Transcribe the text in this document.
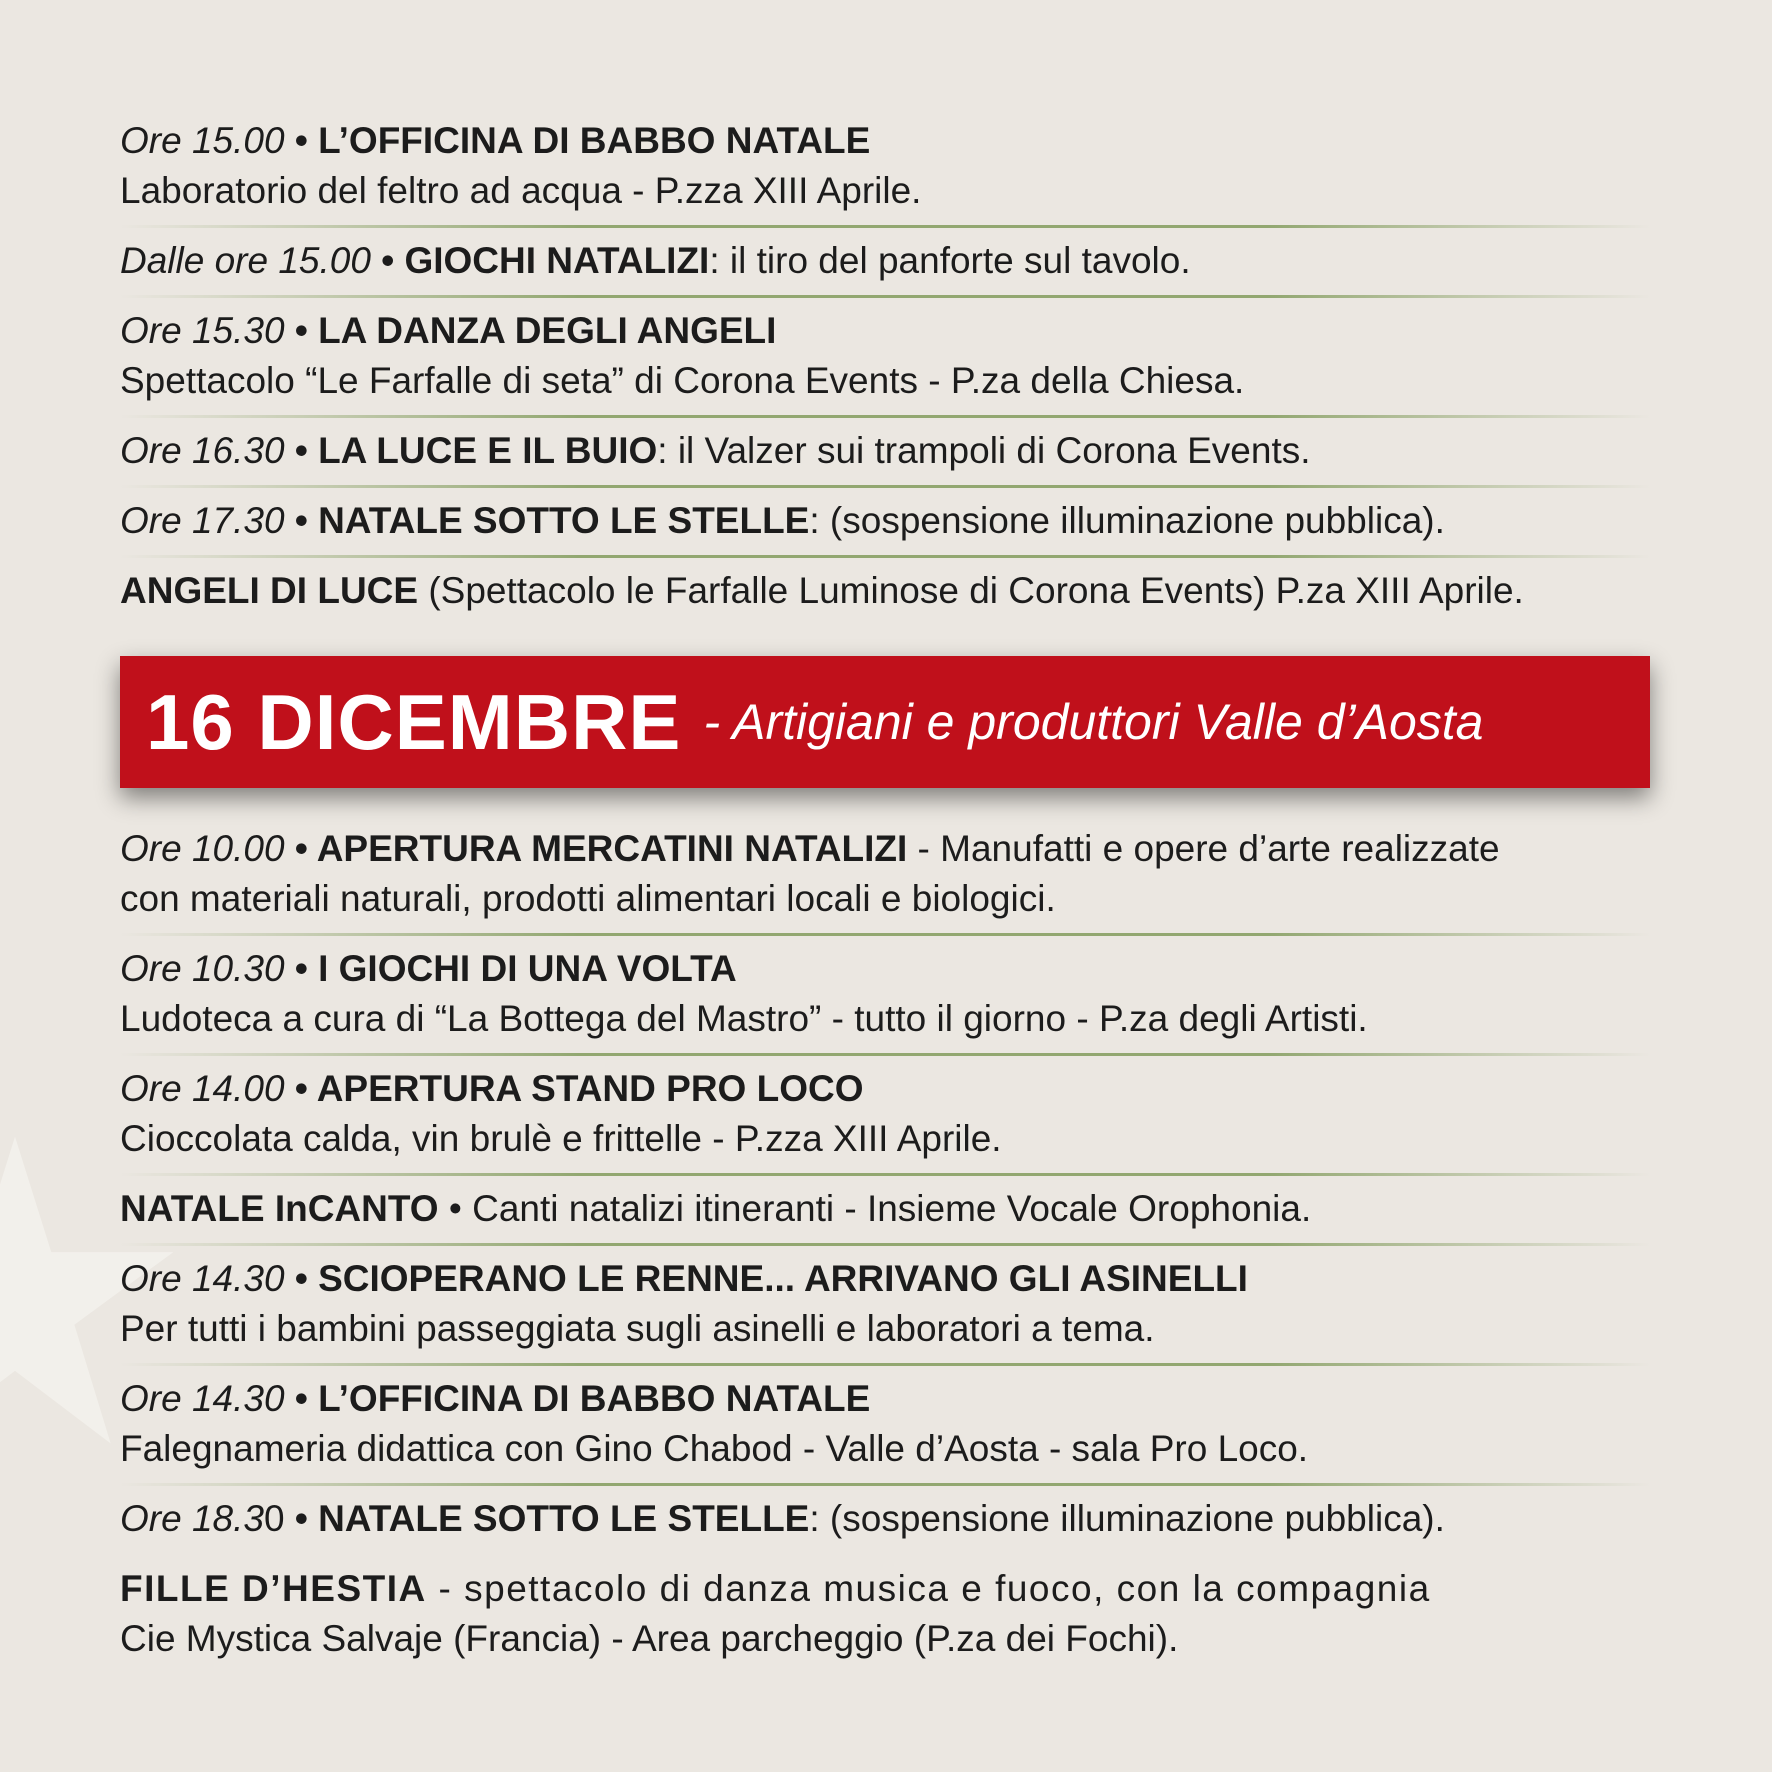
Ore 15.00 • L’OFFICINA DI BABBO NATALE
Laboratorio del feltro ad acqua - P.zza XIII Aprile.
Dalle ore 15.00 • GIOCHI NATALIZI: il tiro del panforte sul tavolo.
Ore 15.30 • LA DANZA DEGLI ANGELI
Spettacolo “Le Farfalle di seta” di Corona Events - P.za della Chiesa.
Ore 16.30 • LA LUCE E IL BUIO: il Valzer sui trampoli di Corona Events.
Ore 17.30 • NATALE SOTTO LE STELLE: (sospensione illuminazione pubblica).
ANGELI DI LUCE (Spettacolo le Farfalle Luminose di Corona Events) P.za XIII Aprile.
16 DICEMBRE - Artigiani e produttori Valle d’Aosta
Ore 10.00 • APERTURA MERCATINI NATALIZI - Manufatti e opere d’arte realizzate
con materiali naturali, prodotti alimentari locali e biologici.
Ore 10.30 • I GIOCHI DI UNA VOLTA
Ludoteca a cura di “La Bottega del Mastro” - tutto il giorno - P.za degli Artisti.
Ore 14.00 • APERTURA STAND PRO LOCO
Cioccolata calda, vin brulè e frittelle - P.zza XIII Aprile.
NATALE InCANTO • Canti natalizi itineranti - Insieme Vocale Orophonia.
Ore 14.30 • SCIOPERANO LE RENNE... ARRIVANO GLI ASINELLI
Per tutti i bambini passeggiata sugli asinelli e laboratori a tema.
Ore 14.30 • L’OFFICINA DI BABBO NATALE
Falegnameria didattica con Gino Chabod - Valle d’Aosta - sala Pro Loco.
Ore 18.30 • NATALE SOTTO LE STELLE: (sospensione illuminazione pubblica).
FILLE D’HESTIA - spettacolo di danza musica e fuoco, con la compagnia
Cie Mystica Salvaje (Francia) - Area parcheggio (P.za dei Fochi).
